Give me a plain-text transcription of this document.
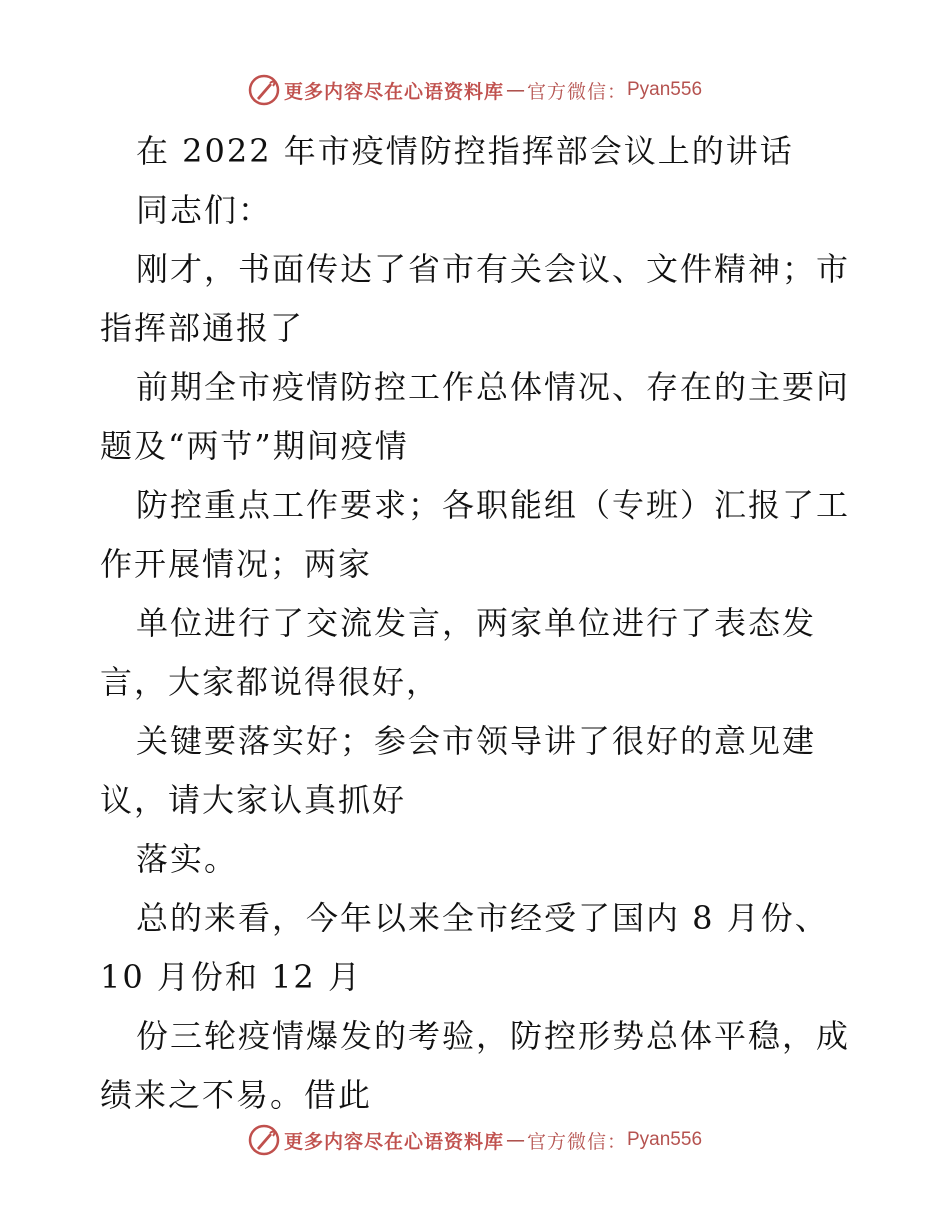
更多内容尽在心语资料库 — 官方微信： Pyan556
在 2022 年市疫情防控指挥部会议上的讲话
同志们：
刚才，书面传达了省市有关会议、文件精神；市
指挥部通报了
前期全市疫情防控工作总体情况、存在的主要问
题及“两节”期间疫情
防控重点工作要求；各职能组（专班）汇报了工
作开展情况；两家
单位进行了交流发言，两家单位进行了表态发
言，大家都说得很好，
关键要落实好；参会市领导讲了很好的意见建
议，请大家认真抓好
落实。
总的来看，今年以来全市经受了国内 8 月份、
10 月份和 12 月
份三轮疫情爆发的考验，防控形势总体平稳，成
绩来之不易。借此
更多内容尽在心语资料库 — 官方微信： Pyan556
